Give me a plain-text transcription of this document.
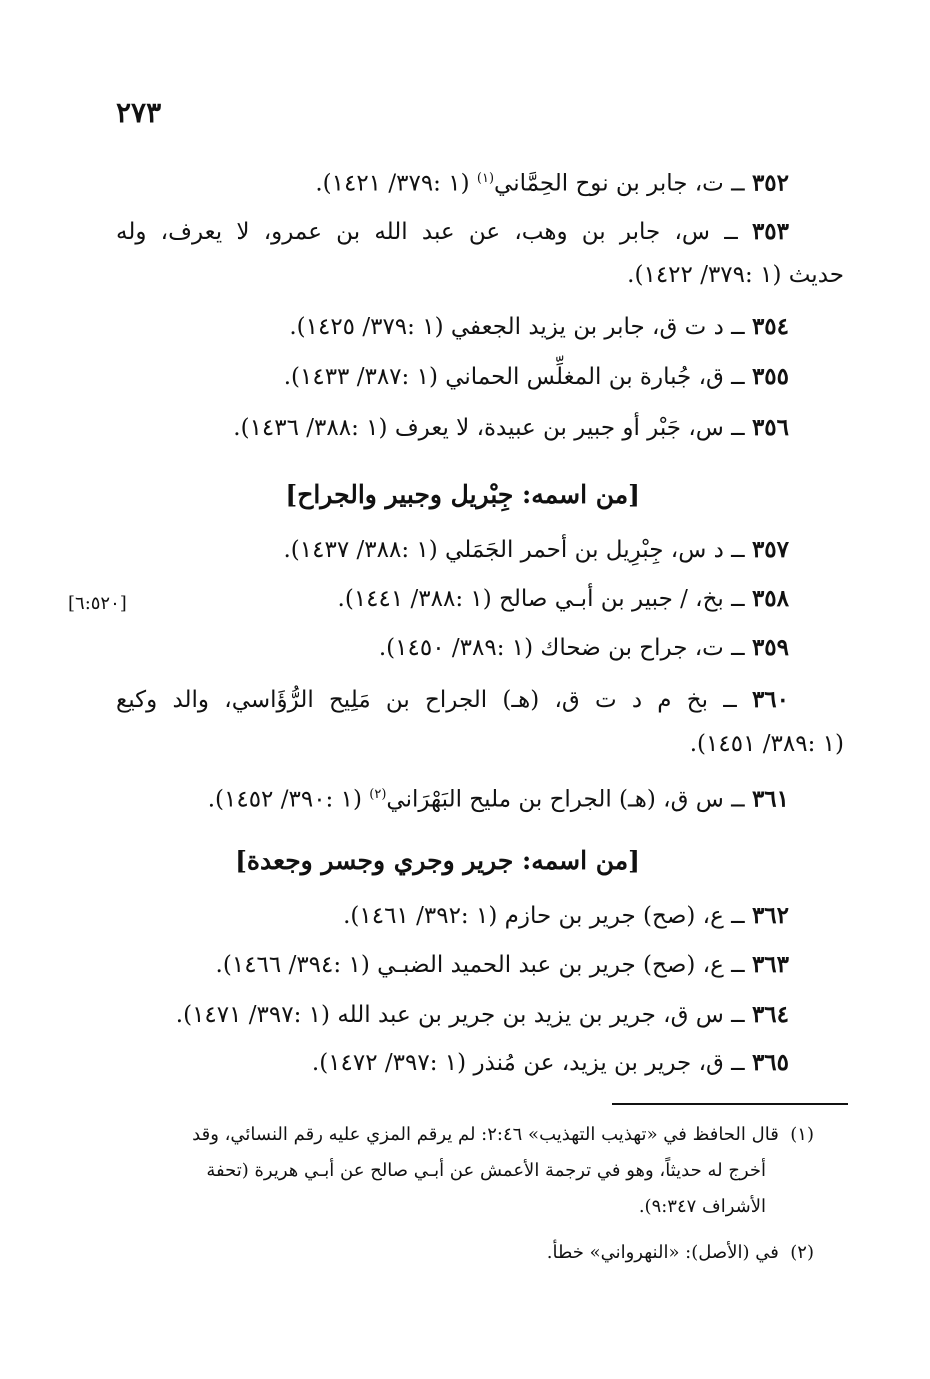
٢٧٣
٣٥٢ ــ ت، جابر بن نوح الحِمَّاني$^{(١)}$ (١ :٣٧٩/ ١٤٢١).
٣٥٣ ــ س، جابر بن وهب، عن عبد الله بن عمرو، لا يعرف، وله
حديث (١ :٣٧٩/ ١٤٢٢).
٣٥٤ ــ د ت ق، جابر بن يزيد الجعفي (١ :٣٧٩/ ١٤٢٥).
٣٥٥ ــ ق، جُبارة بن المغلِّس الحماني (١ :٣٨٧/ ١٤٣٣).
٣٥٦ ــ س، جَبْر أو جبير بن عبيدة، لا يعرف (١ :٣٨٨/ ١٤٣٦).
[من اسمه: جِبْريل وجبير والجراح]
٣٥٧ ــ د س، جِبْرِيل بن أحمر الجَمَلي (١ :٣٨٨/ ١٤٣٧).
٣٥٨ ــ بخ، / جبير بن أبـي صالح (١ :٣٨٨/ ١٤٤١).
[٦:٥٢٠]
٣٥٩ ــ ت، جراح بن ضحاك (١ :٣٨٩/ ١٤٥٠).
٣٦٠ ــ بخ م د ت ق، (هـ) الجراح بن مَلِيح الرُّؤَاسي، والد وكيع
(١ :٣٨٩/ ١٤٥١).
٣٦١ ــ س ق، (هـ) الجراح بن مليح البَهْرَاني$^{(٢)}$ (١ :٣٩٠/ ١٤٥٢).
[من اسمه: جرير وجري وجسر وجعدة]
٣٦٢ ــ ع، (صح) جرير بن حازم (١ :٣٩٢/ ١٤٦١).
٣٦٣ ــ ع، (صح) جرير بن عبد الحميد الضبـي (١ :٣٩٤/ ١٤٦٦).
٣٦٤ ــ س ق، جرير بن يزيد بن جرير بن عبد الله (١ :٣٩٧/ ١٤٧١).
٣٦٥ ــ ق، جرير بن يزيد، عن مُنذر (١ :٣٩٧/ ١٤٧٢).
(١)  قال الحافظ في «تهذيب التهذيب» ٢:٤٦: لم يرقم المزي عليه رقم النسائي، وقد
أخرج له حديثاً، وهو في ترجمة الأعمش عن أبـي صالح عن أبـي هريرة (تحفة
الأشراف ٩:٣٤٧).
(٢)  في (الأصل): «النهرواني» خطأ.
